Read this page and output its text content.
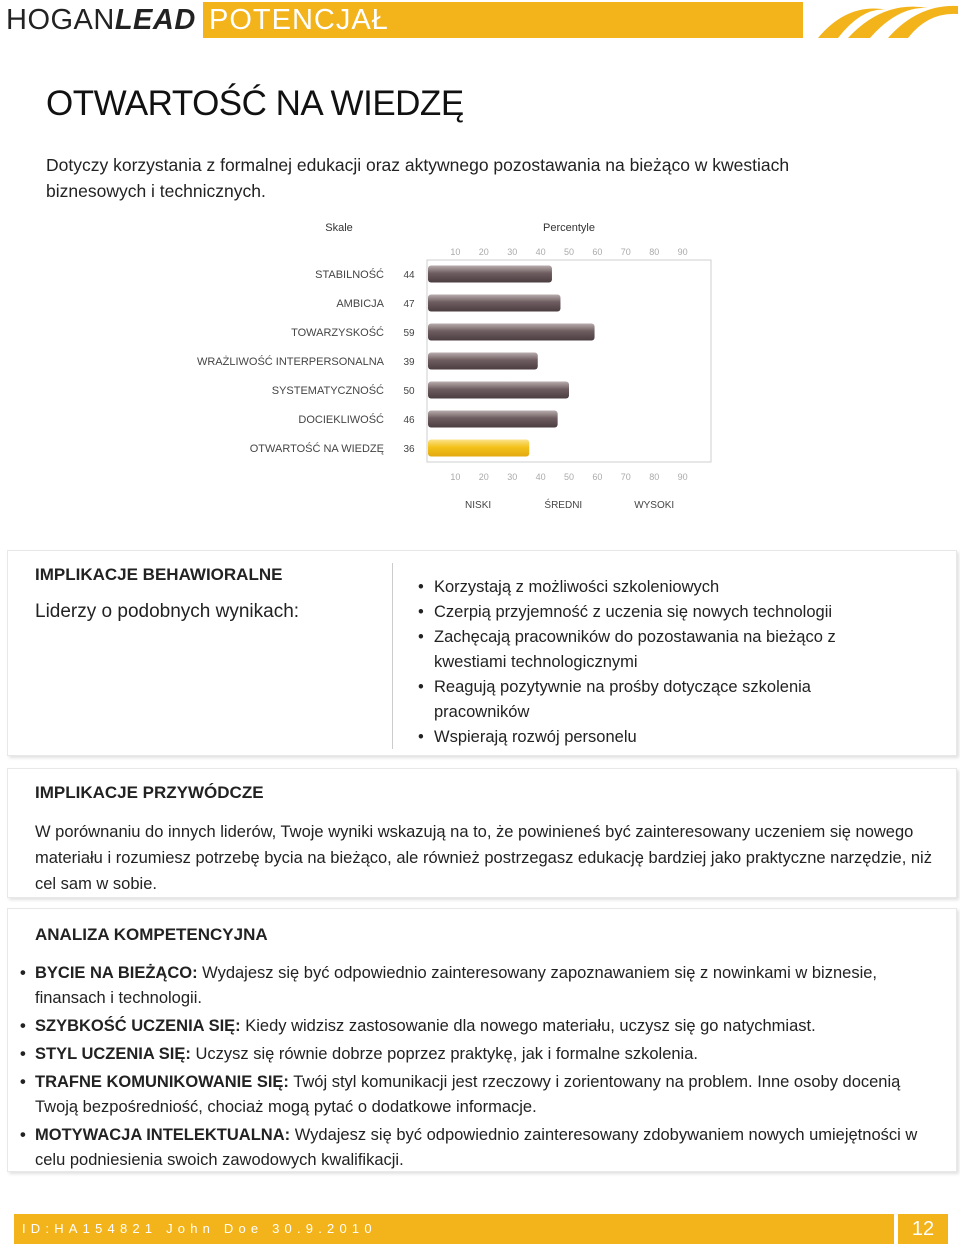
HOGANLEAD POTENCJAŁ
OTWARTOŚĆ NA WIEDZĘ
Dotyczy korzystania z formalnej edukacji oraz aktywnego pozostawania na bieżąco w kwestiach biznesowych i technicznych.
Skale	Percentyle
10
10
20
20
30
30
40
40
50
50
60
60
70
70
80
80
90
90
STABILNOŚĆ 44
AMBICJA 47
TOWARZYSKOŚĆ 59
WRAŻLIWOŚĆ INTERPERSONALNA 39
SYSTEMATYCZNOŚĆ 50
DOCIEKLIWOŚĆ 46
OTWARTOŚĆ NA WIEDZĘ 36
NISKI	ŚREDNI	WYSOKI
IMPLIKACJE BEHAWIORALNE
Liderzy o podobnych wynikach:
• Korzystają z możliwości szkoleniowych
• Czerpią przyjemność z uczenia się nowych technologii
• Zachęcają pracowników do pozostawania na bieżąco z kwestiami technologicznymi
• Reagują pozytywnie na prośby dotyczące szkolenia pracowników
• Wspierają rozwój personelu
IMPLIKACJE PRZYWÓDCZE
W porównaniu do innych liderów, Twoje wyniki wskazują na to, że powinieneś być zainteresowany uczeniem się nowego materiału i rozumiesz potrzebę bycia na bieżąco, ale również postrzegasz edukację bardziej jako praktyczne narzędzie, niż cel sam w sobie.
ANALIZA KOMPETENCYJNA
• BYCIE NA BIEŻĄCO: Wydajesz się być odpowiednio zainteresowany zapoznawaniem się z nowinkami w biznesie, finansach i technologii.
• SZYBKOŚĆ UCZENIA SIĘ: Kiedy widzisz zastosowanie dla nowego materiału, uczysz się go natychmiast.
• STYL UCZENIA SIĘ: Uczysz się równie dobrze poprzez praktykę, jak i formalne szkolenia.
• TRAFNE KOMUNIKOWANIE SIĘ: Twój styl komunikacji jest rzeczowy i zorientowany na problem. Inne osoby docenią Twoją bezpośredniość, chociaż mogą pytać o dodatkowe informacje.
• MOTYWACJA INTELEKTUALNA: Wydajesz się być odpowiednio zainteresowany zdobywaniem nowych umiejętności w celu podniesienia swoich zawodowych kwalifikacji.
ID:HA154821 John Doe 30.9.2010	12
